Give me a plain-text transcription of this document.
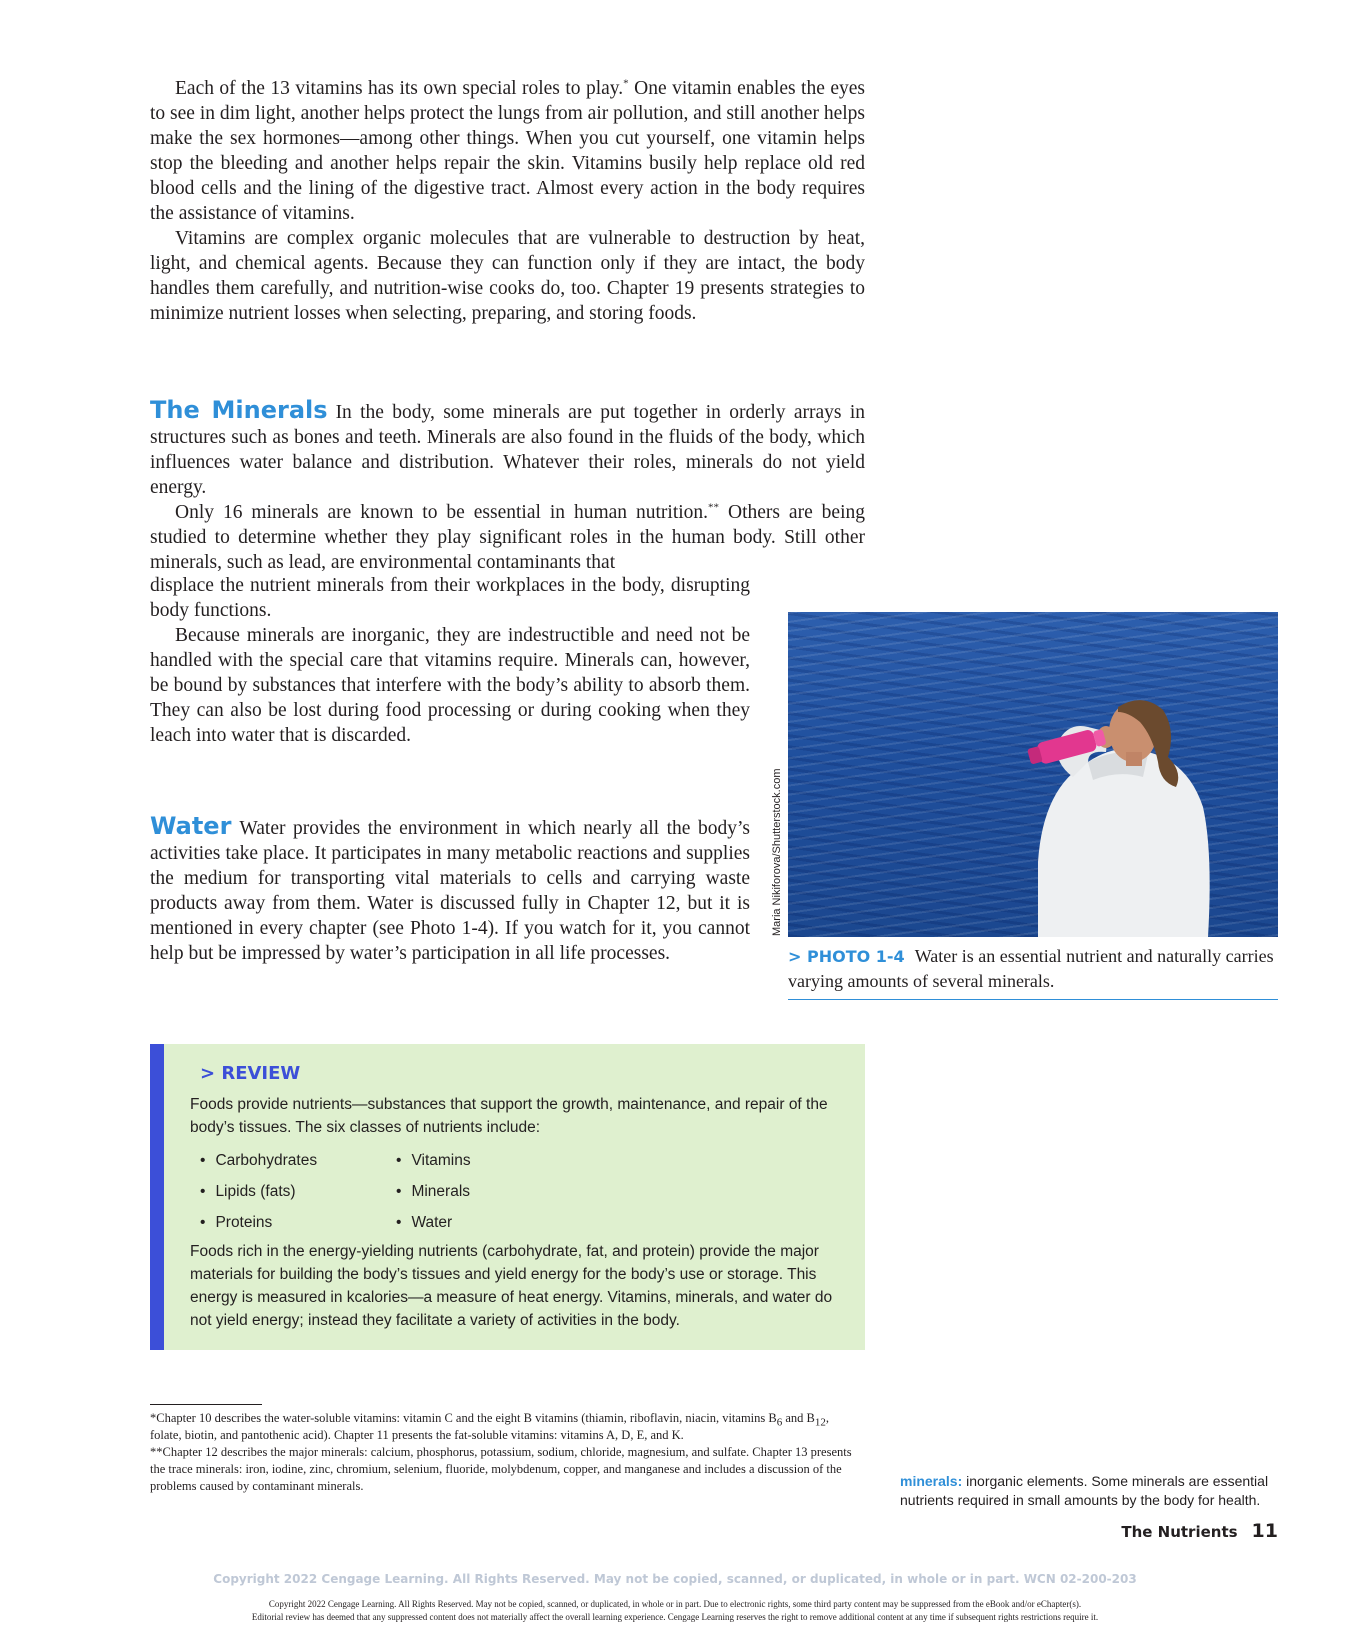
Each of the 13 vitamins has its own special roles to play.* One vitamin enables the eyes to see in dim light, another helps protect the lungs from air pollution, and still another helps make the sex hormones—among other things. When you cut yourself, one vitamin helps stop the bleeding and another helps repair the skin. Vitamins busily help replace old red blood cells and the lining of the digestive tract. Almost every action in the body requires the assistance of vitamins.

Vitamins are complex organic molecules that are vulnerable to destruction by heat, light, and chemical agents. Because they can function only if they are intact, the body handles them carefully, and nutrition-wise cooks do, too. Chapter 19 presents strategies to minimize nutrient losses when selecting, preparing, and storing foods.

The Minerals In the body, some minerals are put together in orderly arrays in structures such as bones and teeth. Minerals are also found in the fluids of the body, which influences water balance and distribution. Whatever their roles, minerals do not yield energy.

Only 16 minerals are known to be essential in human nutrition.** Others are being studied to determine whether they play significant roles in the human body. Still other minerals, such as lead, are environmental contaminants that

displace the nutrient minerals from their workplaces in the body, disrupting body functions.

Because minerals are inorganic, they are indestructible and need not be handled with the special care that vitamins require. Minerals can, however, be bound by substances that interfere with the body’s ability to absorb them. They can also be lost during food processing or during cooking when they leach into water that is discarded.

Water Water provides the environment in which nearly all the body’s activities take place. It participates in many metabolic reactions and supplies the medium for transporting vital materials to cells and carrying waste products away from them. Water is discussed fully in Chapter 12, but it is mentioned in every chapter (see Photo 1-4). If you watch for it, you cannot help but be impressed by water’s participation in all life processes.

Maria Nikiforova/Shutterstock.com
> PHOTO 1-4 Water is an essential nutrient and naturally carries varying amounts of several minerals.
> REVIEW

Foods provide nutrients—substances that support the growth, maintenance, and repair of the body’s tissues. The six classes of nutrients include:

• Carbohydrates	• Vitamins
• Lipids (fats)	• Minerals
• Proteins	• Water

Foods rich in the energy-yielding nutrients (carbohydrate, fat, and protein) provide the major materials for building the body’s tissues and yield energy for the body’s use or storage. This energy is measured in kcalories—a measure of heat energy. Vitamins, minerals, and water do not yield energy; instead they facilitate a variety of activities in the body.

*Chapter 10 describes the water-soluble vitamins: vitamin C and the eight B vitamins (thiamin, riboflavin, niacin, vitamins $B_6$ and $B_{12}$, folate, biotin, and pantothenic acid). Chapter 11 presents the fat-soluble vitamins: vitamins A, D, E, and K.

**Chapter 12 describes the major minerals: calcium, phosphorus, potassium, sodium, chloride, magnesium, and sulfate. Chapter 13 presents the trace minerals: iron, iodine, zinc, chromium, selenium, fluoride, molybdenum, copper, and manganese and includes a discussion of the problems caused by contaminant minerals.	minerals: inorganic elements. Some minerals are essential nutrients required in small amounts by the body for health.
The Nutrients 11
Copyright 2022 Cengage Learning. All Rights Reserved. May not be copied, scanned, or duplicated, in whole or in part. WCN 02-200-203
Copyright 2022 Cengage Learning. All Rights Reserved. May not be copied, scanned, or duplicated, in whole or in part. Due to electronic rights, some third party content may be suppressed from the eBook and/or eChapter(s).
Editorial review has deemed that any suppressed content does not materially affect the overall learning experience. Cengage Learning reserves the right to remove additional content at any time if subsequent rights restrictions require it.
